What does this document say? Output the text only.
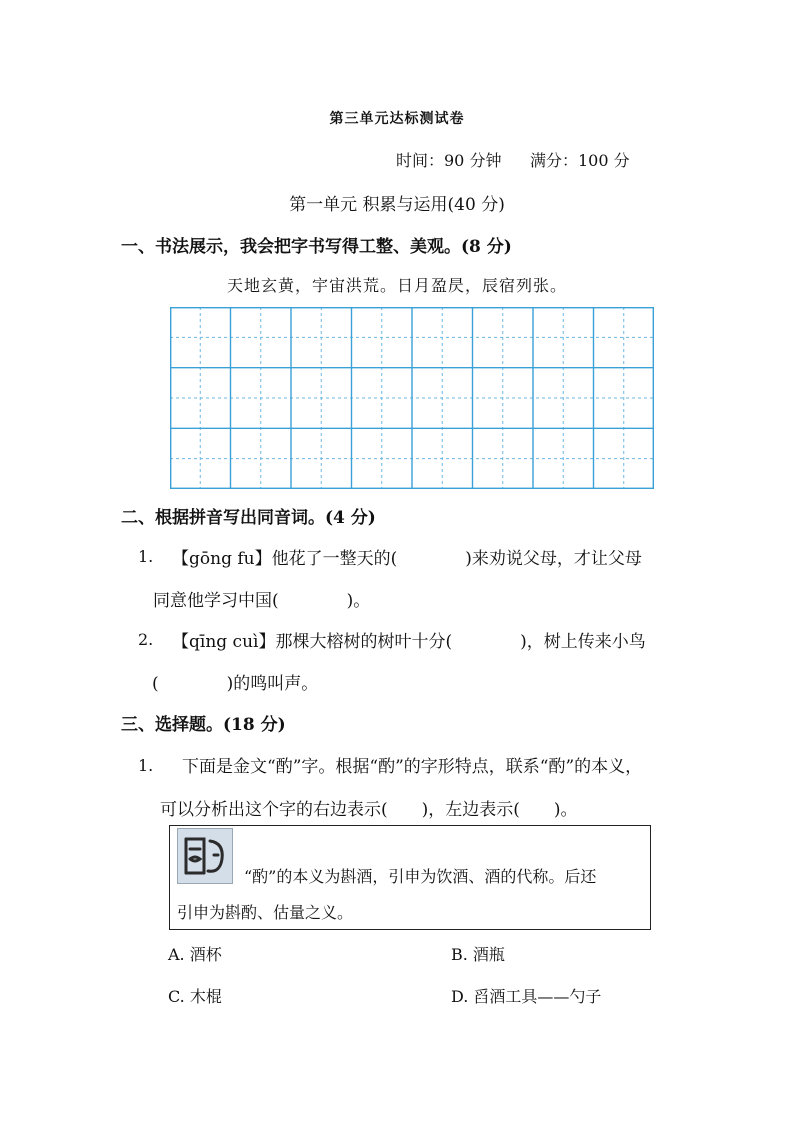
第三单元达标测试卷
时间：90 分钟 满分：100 分
第一单元 积累与运用(40 分)
一、书法展示，我会把字书写得工整、美观。(8 分)
天地玄黄，宇宙洪荒。日月盈昃，辰宿列张。
二、根据拼音写出同音词。(4 分)
1. 【gōng fu】他花了一整天的(　　　　)来劝说父母，才让父母
同意他学习中国(　　　　)。
2. 【qīng cuì】那棵大榕树的树叶十分(　　　　)，树上传来小鸟
(　　　　)的鸣叫声。
三、选择题。(18 分)
1. 下面是金文“酌”字。根据“酌”的字形特点，联系“酌”的本义，
可以分析出这个字的右边表示(　　)，左边表示(　　)。
“酌”的本义为斟酒，引申为饮酒、酒的代称。后还
引申为斟酌、估量之义。
A. 酒杯	B. 酒瓶
C. 木棍	D. 舀酒工具——勺子
